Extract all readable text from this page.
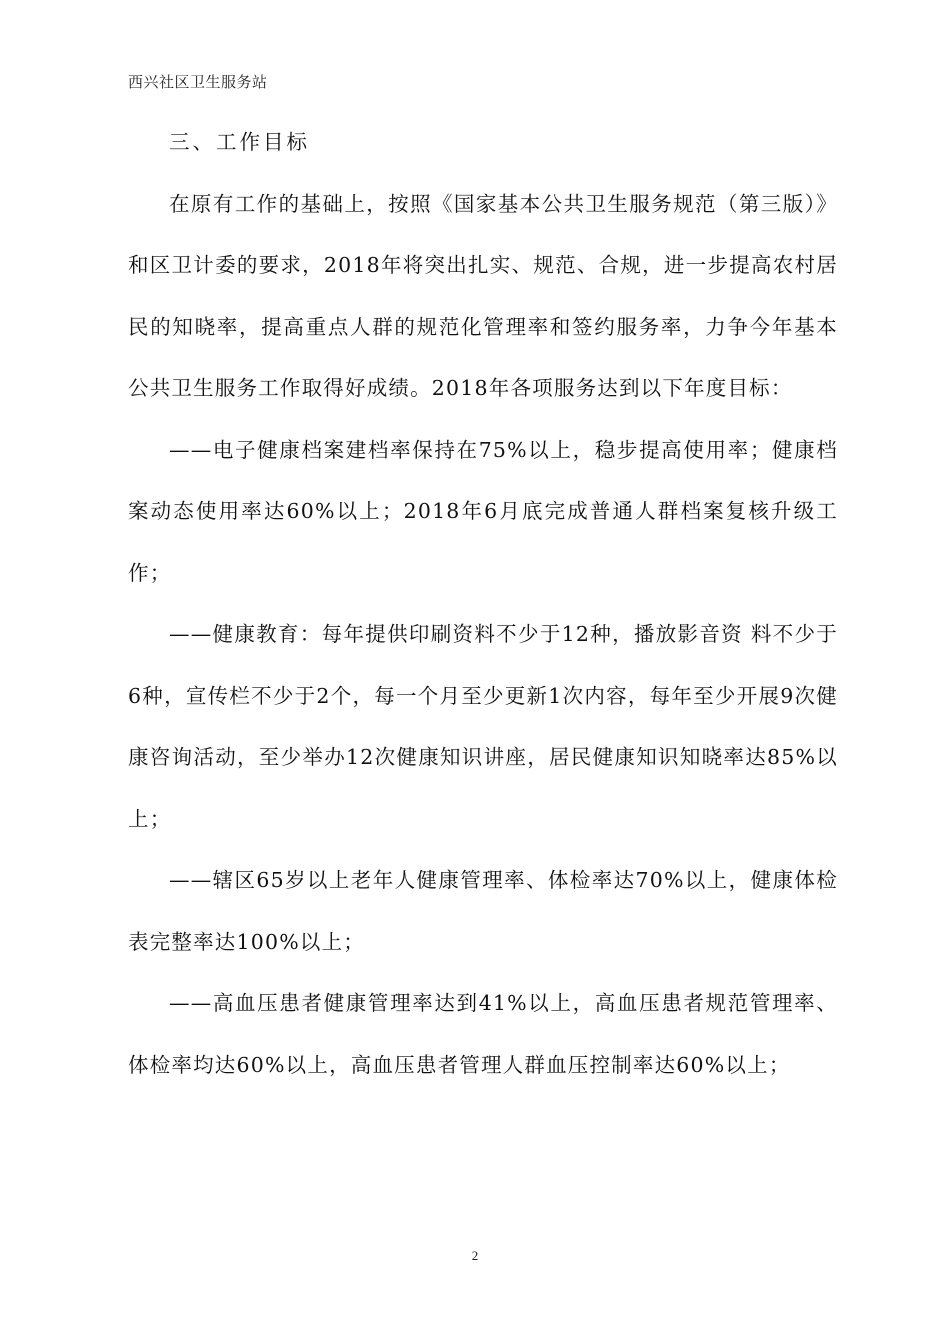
西兴社区卫生服务站

三、工作目标

在原有工作的基础上，按照《国家基本公共卫生服务规范（第三版）》和区卫计委的要求，2018年将突出扎实、规范、合规，进一步提高农村居民的知晓率，提高重点人群的规范化管理率和签约服务率，力争今年基本公共卫生服务工作取得好成绩。2018年各项服务达到以下年度目标：

——电子健康档案建档率保持在75%以上，稳步提高使用率；健康档案动态使用率达60%以上；2018年6月底完成普通人群档案复核升级工作；

——健康教育：每年提供印刷资料不少于12种，播放影音资 料不少于6种，宣传栏不少于2个，每一个月至少更新1次内容，每年至少开展9次健康咨询活动，至少举办12次健康知识讲座，居民健康知识知晓率达85%以上；

——辖区65岁以上老年人健康管理率、体检率达70%以上，健康体检表完整率达100%以上；

——高血压患者健康管理率达到41%以上，高血压患者规范管理率、体检率均达60%以上，高血压患者管理人群血压控制率达60%以上；

2
